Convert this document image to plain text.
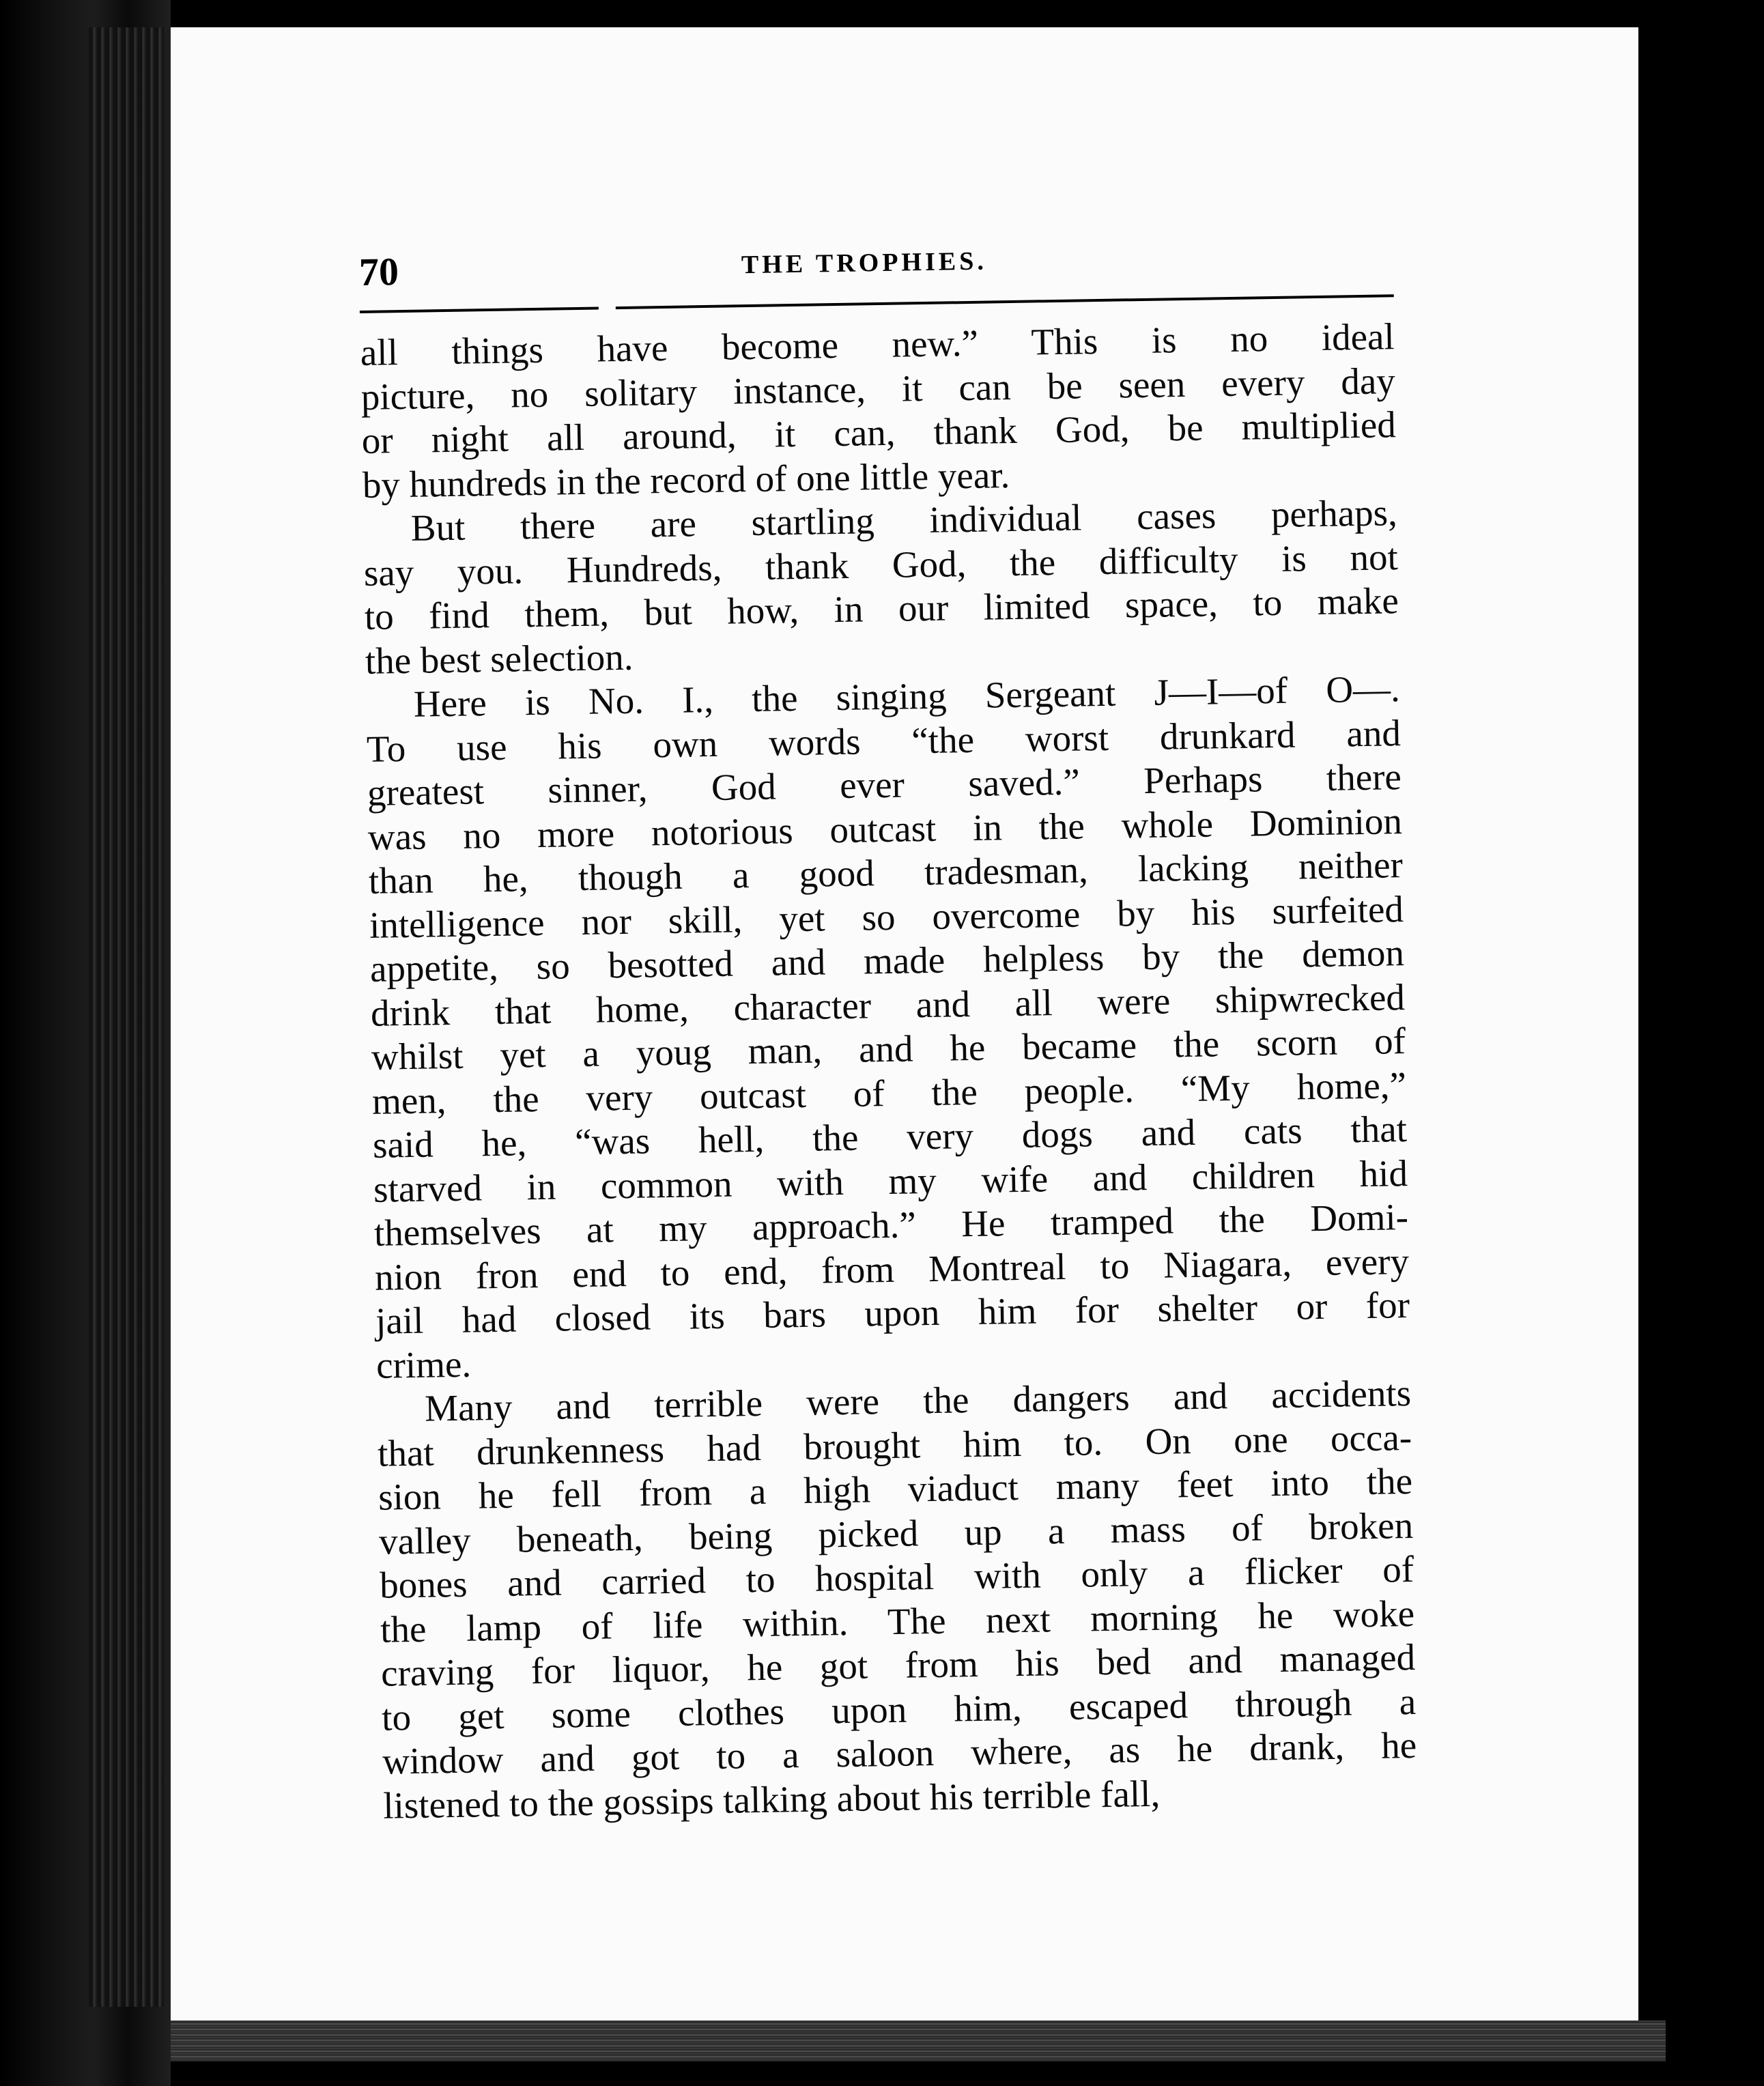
70	THE TROPHIES.
all things have become new.” This is no ideal
picture, no solitary instance, it can be seen every day
or night all around, it can, thank God, be multiplied
by hundreds in the record of one little year.
But there are startling individual cases perhaps,
say you. Hundreds, thank God, the difficulty is not
to find them, but how, in our limited space, to make
the best selection.
Here is No. I., the singing Sergeant J—I—of O—.
To use his own words “the worst drunkard and
greatest sinner, God ever saved.” Perhaps there
was no more notorious outcast in the whole Dominion
than he, though a good tradesman, lacking neither
intelligence nor skill, yet so overcome by his surfeited
appetite, so besotted and made helpless by the demon
drink that home, character and all were shipwrecked
whilst yet a youg man, and he became the scorn of
men, the very outcast of the people. “My home,”
said he, “was hell, the very dogs and cats that
starved in common with my wife and children hid
themselves at my approach.” He tramped the Domi-
nion fron end to end, from Montreal to Niagara, every
jail had closed its bars upon him for shelter or for
crime.
Many and terrible were the dangers and accidents
that drunkenness had brought him to. On one occa-
sion he fell from a high viaduct many feet into the
valley beneath, being picked up a mass of broken
bones and carried to hospital with only a flicker of
the lamp of life within. The next morning he woke
craving for liquor, he got from his bed and managed
to get some clothes upon him, escaped through a
window and got to a saloon where, as he drank, he
listened to the gossips talking about his terrible fall,
